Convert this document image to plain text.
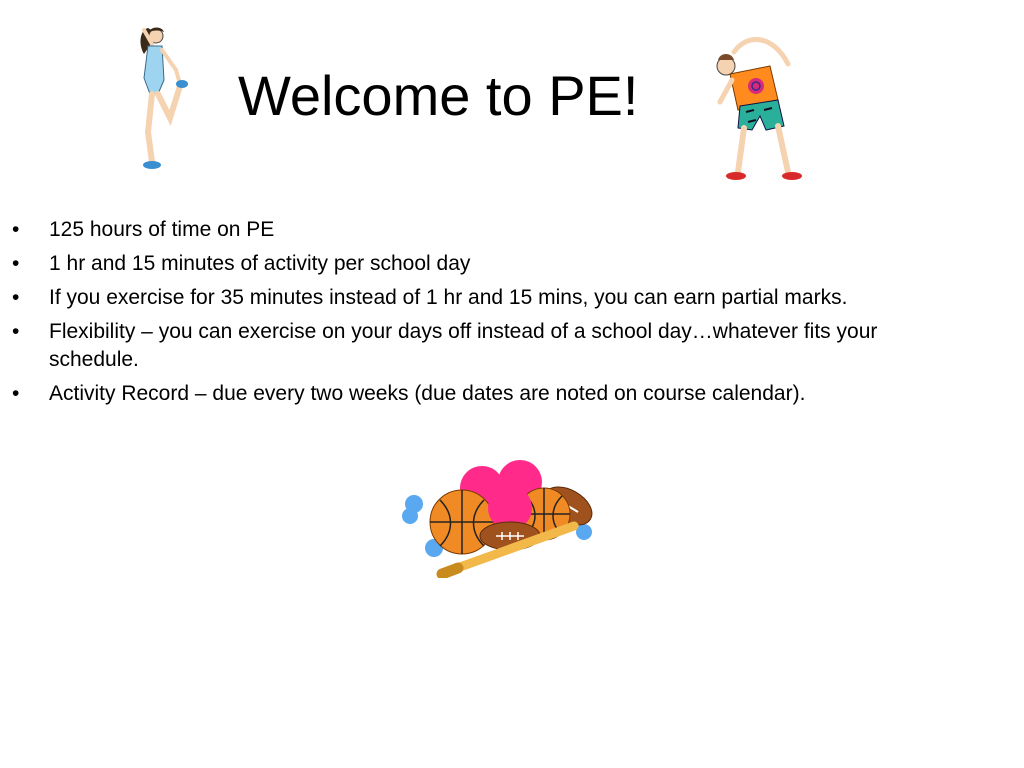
Welcome to PE!
•	125 hours of time on PE
•	1 hr and 15 minutes of activity per school day
•	If you exercise for 35 minutes instead of 1 hr and 15 mins, you can earn partial marks.
•	Flexibility – you can exercise on your days off instead of a school day…whatever fits your schedule.
•	Activity Record – due every two weeks (due dates are noted on course calendar).
